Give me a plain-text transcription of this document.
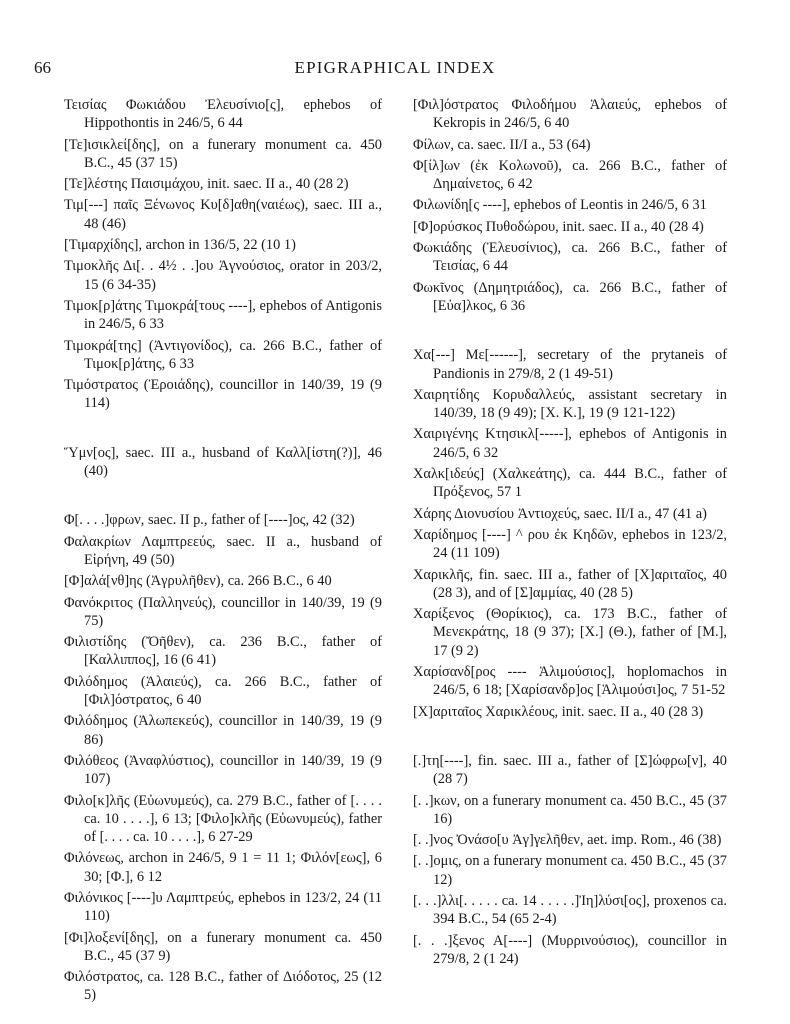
66	EPIGRAPHICAL INDEX

Τεισίας Φωκιάδου Ἐλευσίνιο[ς], ephebos of Hippothontis in 246/5, 6 44

[Τε]ισικλεί[δης], on a funerary monument ca. 450 B.C., 45 (37 15)

[Τε]λέστης Παισιμάχου, init. saec. II a., 40 (28 2)

Τιμ[---] παῖς Ξένωνος Κυ[δ]αθη(ναιέως), saec. III a., 48 (46)

[Τιμαρχίδης], archon in 136/5, 22 (10 1)

Τιμοκλῆς Δι[. . 4½ . .]ου Ἀγνούσιος, orator in 203/2, 15 (6 34-35)

Τιμοκ[ρ]άτης Τιμοκρά[τους ----], ephebos of Antigonis in 246/5, 6 33

Τιμοκρά[της] (Ἀντιγονίδος), ca. 266 B.C., father of Τιμοκ[ρ]άτης, 6 33

Τιμόστρατος (Ἐροιάδης), councillor in 140/39, 19 (9 114)

Ὕμν[ος], saec. III a., husband of Καλλ[ίστη(?)], 46 (40)

Φ[. . . .]φρων, saec. II p., father of [----]ος, 42 (32)

Φαλακρίων Λαμπτρεεύς, saec. II a., husband of Εἰρήνη, 49 (50)

[Φ]αλά[νθ]ης (Ἀγρυλῆθεν), ca. 266 B.C., 6 40

Φανόκριτος (Παλληνεύς), councillor in 140/39, 19 (9 75)

Φιλιστίδης (Ὄῆθεν), ca. 236 B.C., father of [Καλλιππος], 16 (6 41)

Φιλόδημος (Ἁλαιεύς), ca. 266 B.C., father of [Φιλ]όστρατος, 6 40

Φιλόδημος (Ἀλωπεκεύς), councillor in 140/39, 19 (9 86)

Φιλόθεος (Ἀναφλύστιος), councillor in 140/39, 19 (9 107)

Φιλο[κ]λῆς (Εὐωνυμεύς), ca. 279 B.C., father of [. . . . ca. 10 . . . .], 6 13; [Φιλο]κλῆς (Εὐωνυμεύς), father of [. . . . ca. 10 . . . .], 6 27-29

Φιλόνεως, archon in 246/5, 9 1 = 11 1; Φιλόν[εως], 6 30; [Φ.], 6 12

Φιλόνικος [----]υ Λαμπτρεύς, ephebos in 123/2, 24 (11 110)

[Φι]λοξενί[δης], on a funerary monument ca. 450 B.C., 45 (37 9)

Φιλόστρατος, ca. 128 B.C., father of Διόδοτος, 25 (12 5)

[Φιλ]όστρατος Φιλοδήμου Ἁλαιεύς, ephebos of Kekropis in 246/5, 6 40

Φίλων, ca. saec. II/I a., 53 (64)

Φ[ίλ]ων (ἐκ Κολωνοῦ), ca. 266 B.C., father of Δημαίνετος, 6 42

Φιλωνίδη[ς ----], ephebos of Leontis in 246/5, 6 31

[Φ]ορύσκος Πυθοδώρου, init. saec. II a., 40 (28 4)

Φωκιάδης (Ἐλευσίνιος), ca. 266 B.C., father of Τεισίας, 6 44

Φωκῖνος (Δημητριάδος), ca. 266 B.C., father of [Εὐα]λκος, 6 36

Χα[---] Με[------], secretary of the prytaneis of Pandionis in 279/8, 2 (1 49-51)

Χαιρητίδης Κορυδαλλεύς, assistant secretary in 140/39, 18 (9 49); [X. K.], 19 (9 121-122)

Χαιριγένης Κτησικλ[-----], ephebos of Antigonis in 246/5, 6 32

Χαλκ[ιδεύς] (Χαλκεάτης), ca. 444 B.C., father of Πρόξενος, 57 1

Χάρης Διονυσίου Ἀντιοχεύς, saec. II/I a., 47 (41 a)

Χαρίδημος [----] ^ ρου ἐκ Κηδῶν, ephebos in 123/2, 24 (11 109)

Χαρικλῆς, fin. saec. III a., father of [Χ]αριταῖος, 40 (28 3), and of [Σ]αμμίας, 40 (28 5)

Χαρίξενος (Θορίκιος), ca. 173 B.C., father of Μενεκράτης, 18 (9 37); [Χ.] (Θ.), father of [Μ.], 17 (9 2)

Χαρίσανδ[ρος ---- Ἁλιμούσιος], hoplomachos in 246/5, 6 18; [Χαρίσανδρ]ος [Ἁλιμούσι]ος, 7 51-52

[Χ]αριταῖος Χαρικλέους, init. saec. II a., 40 (28 3)

[.]τη[----], fin. saec. III a., father of [Σ]ώφρω[ν], 40 (28 7)

[. .]κων, on a funerary monument ca. 450 B.C., 45 (37 16)

[. .]νος Ὀνάσο[υ Ἀγ]γελῆθεν, aet. imp. Rom., 46 (38)

[. .]ομις, on a funerary monument ca. 450 B.C., 45 (37 12)

[. . .]λλι[. . . . . ca. 14 . . . . .]Ἰη]λύσι[ος], proxenos ca. 394 B.C., 54 (65 2-4)

[. . .]ξενος Α[----] (Μυρρινούσιος), councillor in 279/8, 2 (1 24)
